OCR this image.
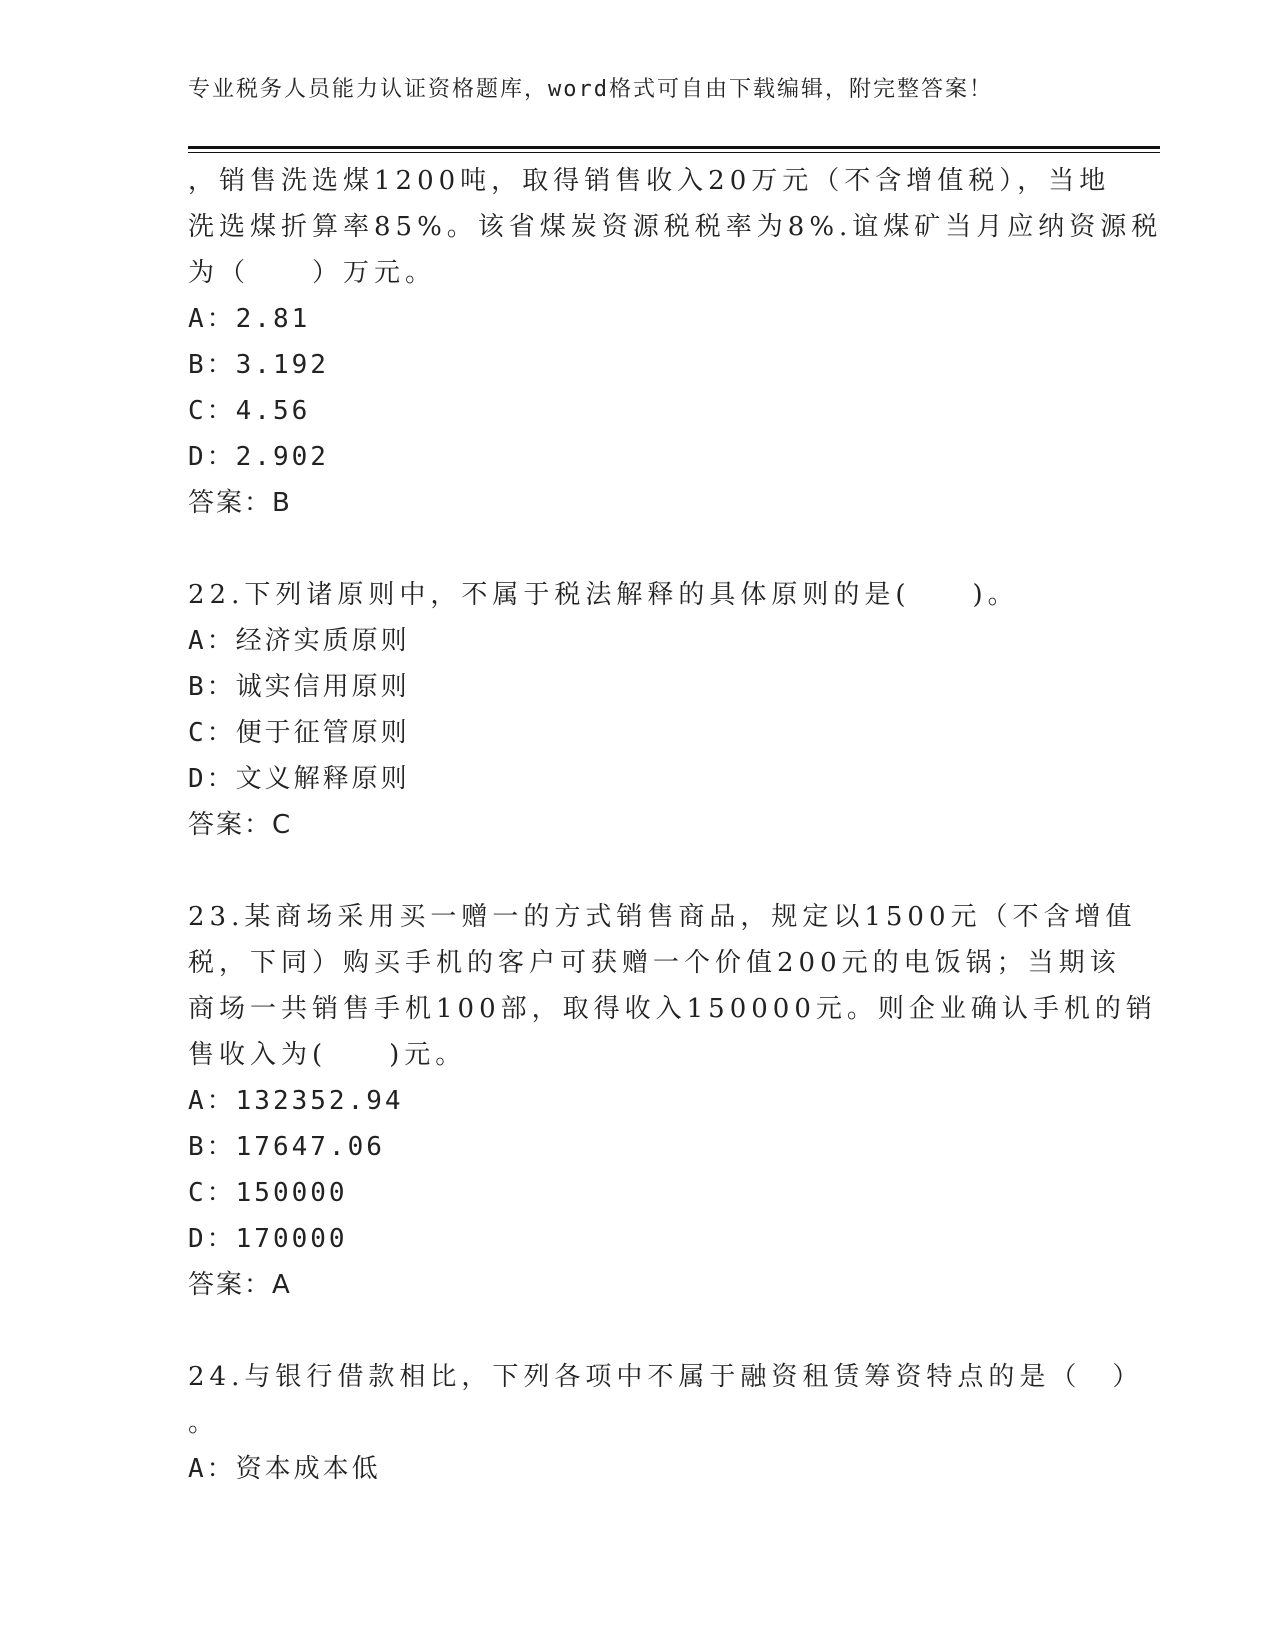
专业税务人员能力认证资格题库，word格式可自由下载编辑，附完整答案！
，销售洗选煤1200吨，取得销售收入20万元（不含增值税），当地
洗选煤折算率85%。该省煤炭资源税税率为8%.谊煤矿当月应纳资源税
为（　　）万元。
A：2.81
B：3.192
C：4.56
D：2.902
答案：B
22.下列诸原则中，不属于税法解释的具体原则的是(　　)。
A：经济实质原则
B：诚实信用原则
C：便于征管原则
D：文义解释原则
答案：C
23.某商场采用买一赠一的方式销售商品，规定以1500元（不含增值
税，下同）购买手机的客户可获赠一个价值200元的电饭锅；当期该
商场一共销售手机100部，取得收入150000元。则企业确认手机的销
售收入为(　　)元。
A：132352.94
B：17647.06
C：150000
D：170000
答案：A
24.与银行借款相比，下列各项中不属于融资租赁筹资特点的是（　）
。
A：资本成本低
